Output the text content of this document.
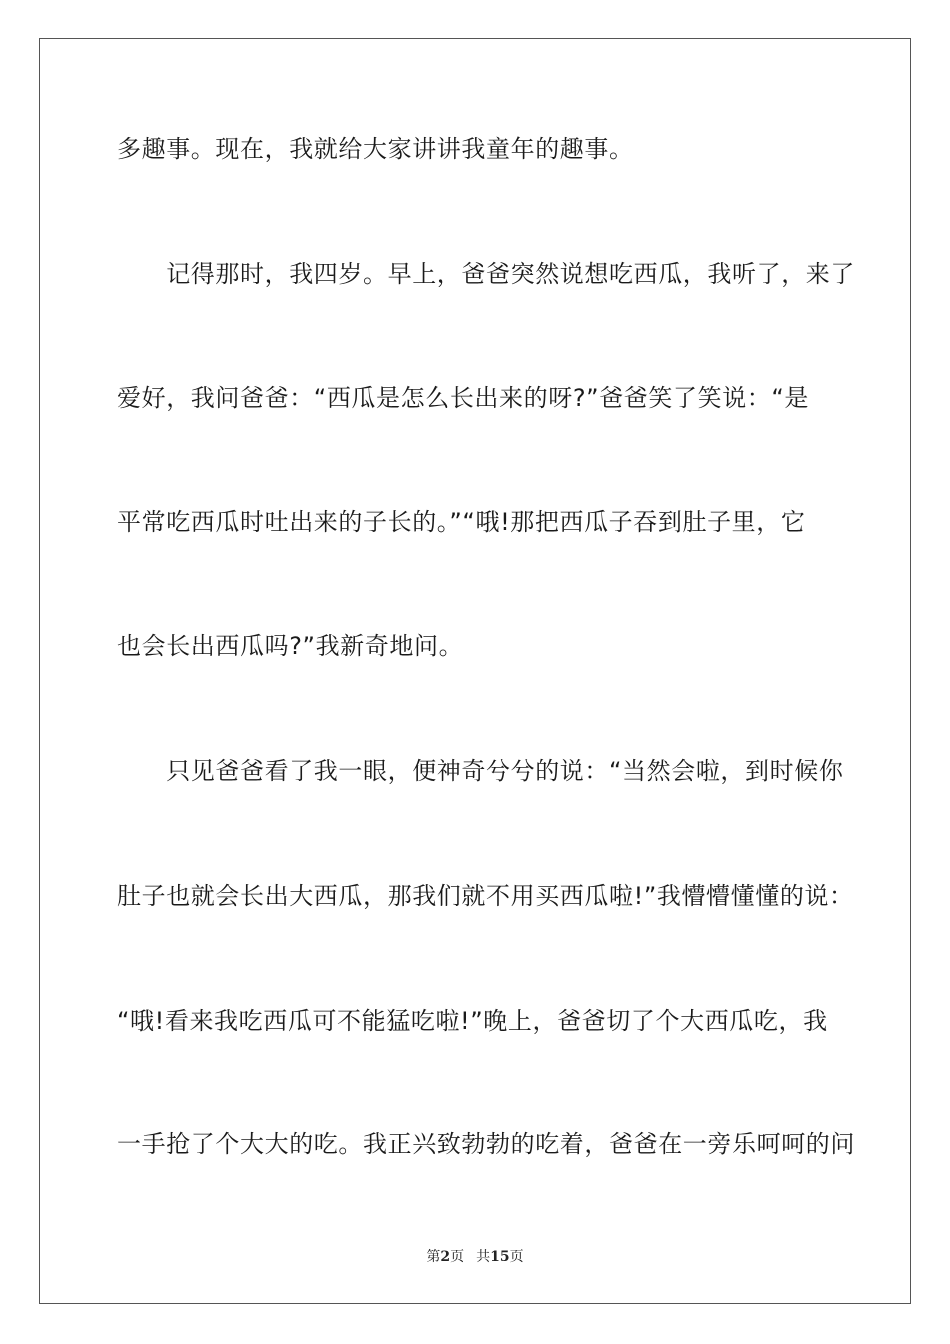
多趣事。现在，我就给大家讲讲我童年的趣事。
　　记得那时，我四岁。早上，爸爸突然说想吃西瓜，我听了，来了
爱好，我问爸爸：“西瓜是怎么长出来的呀?”爸爸笑了笑说：“是
平常吃西瓜时吐出来的子长的。”“哦!那把西瓜子吞到肚子里，它
也会长出西瓜吗?”我新奇地问。
　　只见爸爸看了我一眼，便神奇兮兮的说：“当然会啦，到时候你
肚子也就会长出大西瓜，那我们就不用买西瓜啦!”我懵懵懂懂的说：
“哦!看来我吃西瓜可不能猛吃啦!”晚上，爸爸切了个大西瓜吃，我
一手抢了个大大的吃。我正兴致勃勃的吃着，爸爸在一旁乐呵呵的问
第2页 共15页
